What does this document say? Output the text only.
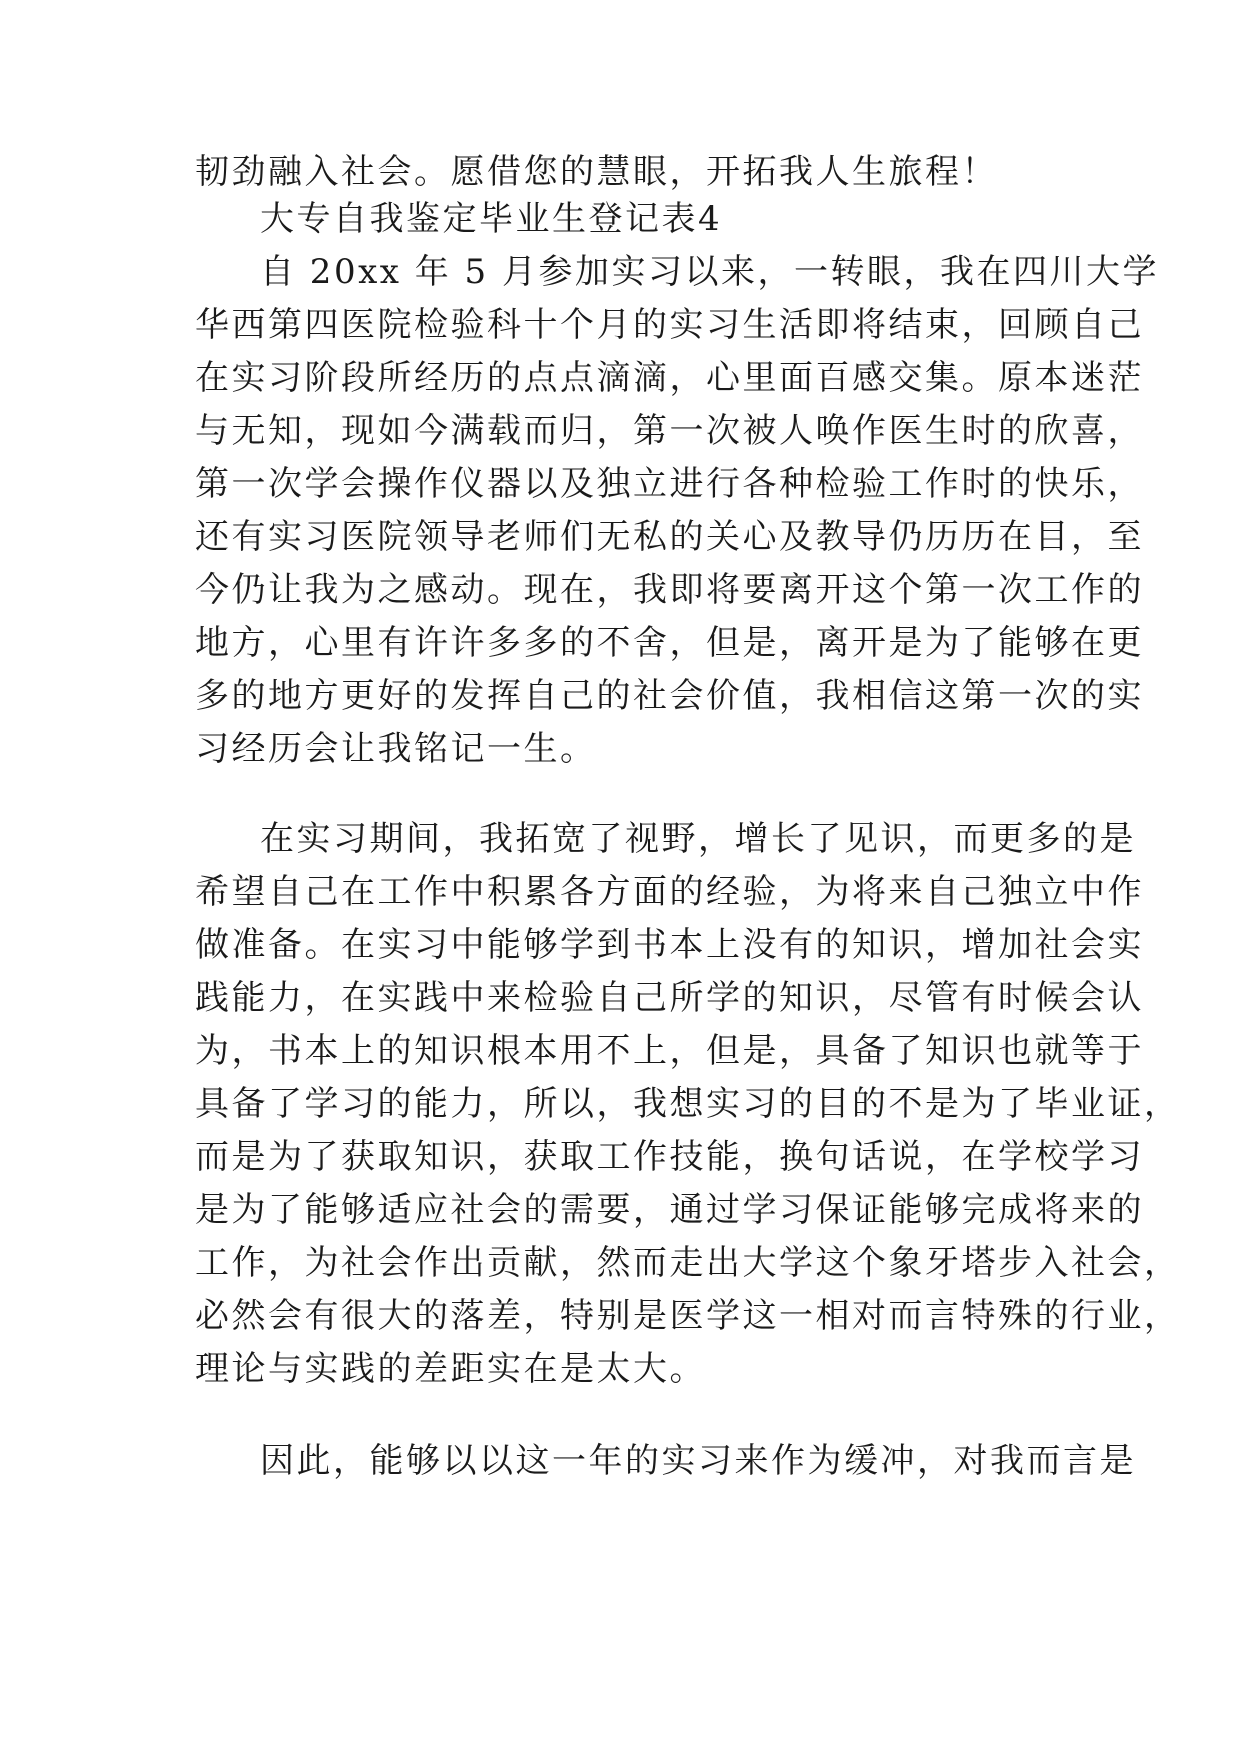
韧劲融入社会。愿借您的慧眼，开拓我人生旅程！
大专自我鉴定毕业生登记表4
自 20xx 年 5 月参加实习以来，一转眼，我在四川大学
华西第四医院检验科十个月的实习生活即将结束，回顾自己
在实习阶段所经历的点点滴滴，心里面百感交集。原本迷茫
与无知，现如今满载而归，第一次被人唤作医生时的欣喜，
第一次学会操作仪器以及独立进行各种检验工作时的快乐，
还有实习医院领导老师们无私的关心及教导仍历历在目，至
今仍让我为之感动。现在，我即将要离开这个第一次工作的
地方，心里有许许多多的不舍，但是，离开是为了能够在更
多的地方更好的发挥自己的社会价值，我相信这第一次的实
习经历会让我铭记一生。
在实习期间，我拓宽了视野，增长了见识，而更多的是
希望自己在工作中积累各方面的经验，为将来自己独立中作
做准备。在实习中能够学到书本上没有的知识，增加社会实
践能力，在实践中来检验自己所学的知识，尽管有时候会认
为，书本上的知识根本用不上，但是，具备了知识也就等于
具备了学习的能力，所以，我想实习的目的不是为了毕业证，
而是为了获取知识，获取工作技能，换句话说，在学校学习
是为了能够适应社会的需要，通过学习保证能够完成将来的
工作，为社会作出贡献，然而走出大学这个象牙塔步入社会，
必然会有很大的落差，特别是医学这一相对而言特殊的行业，
理论与实践的差距实在是太大。
因此，能够以以这一年的实习来作为缓冲，对我而言是
